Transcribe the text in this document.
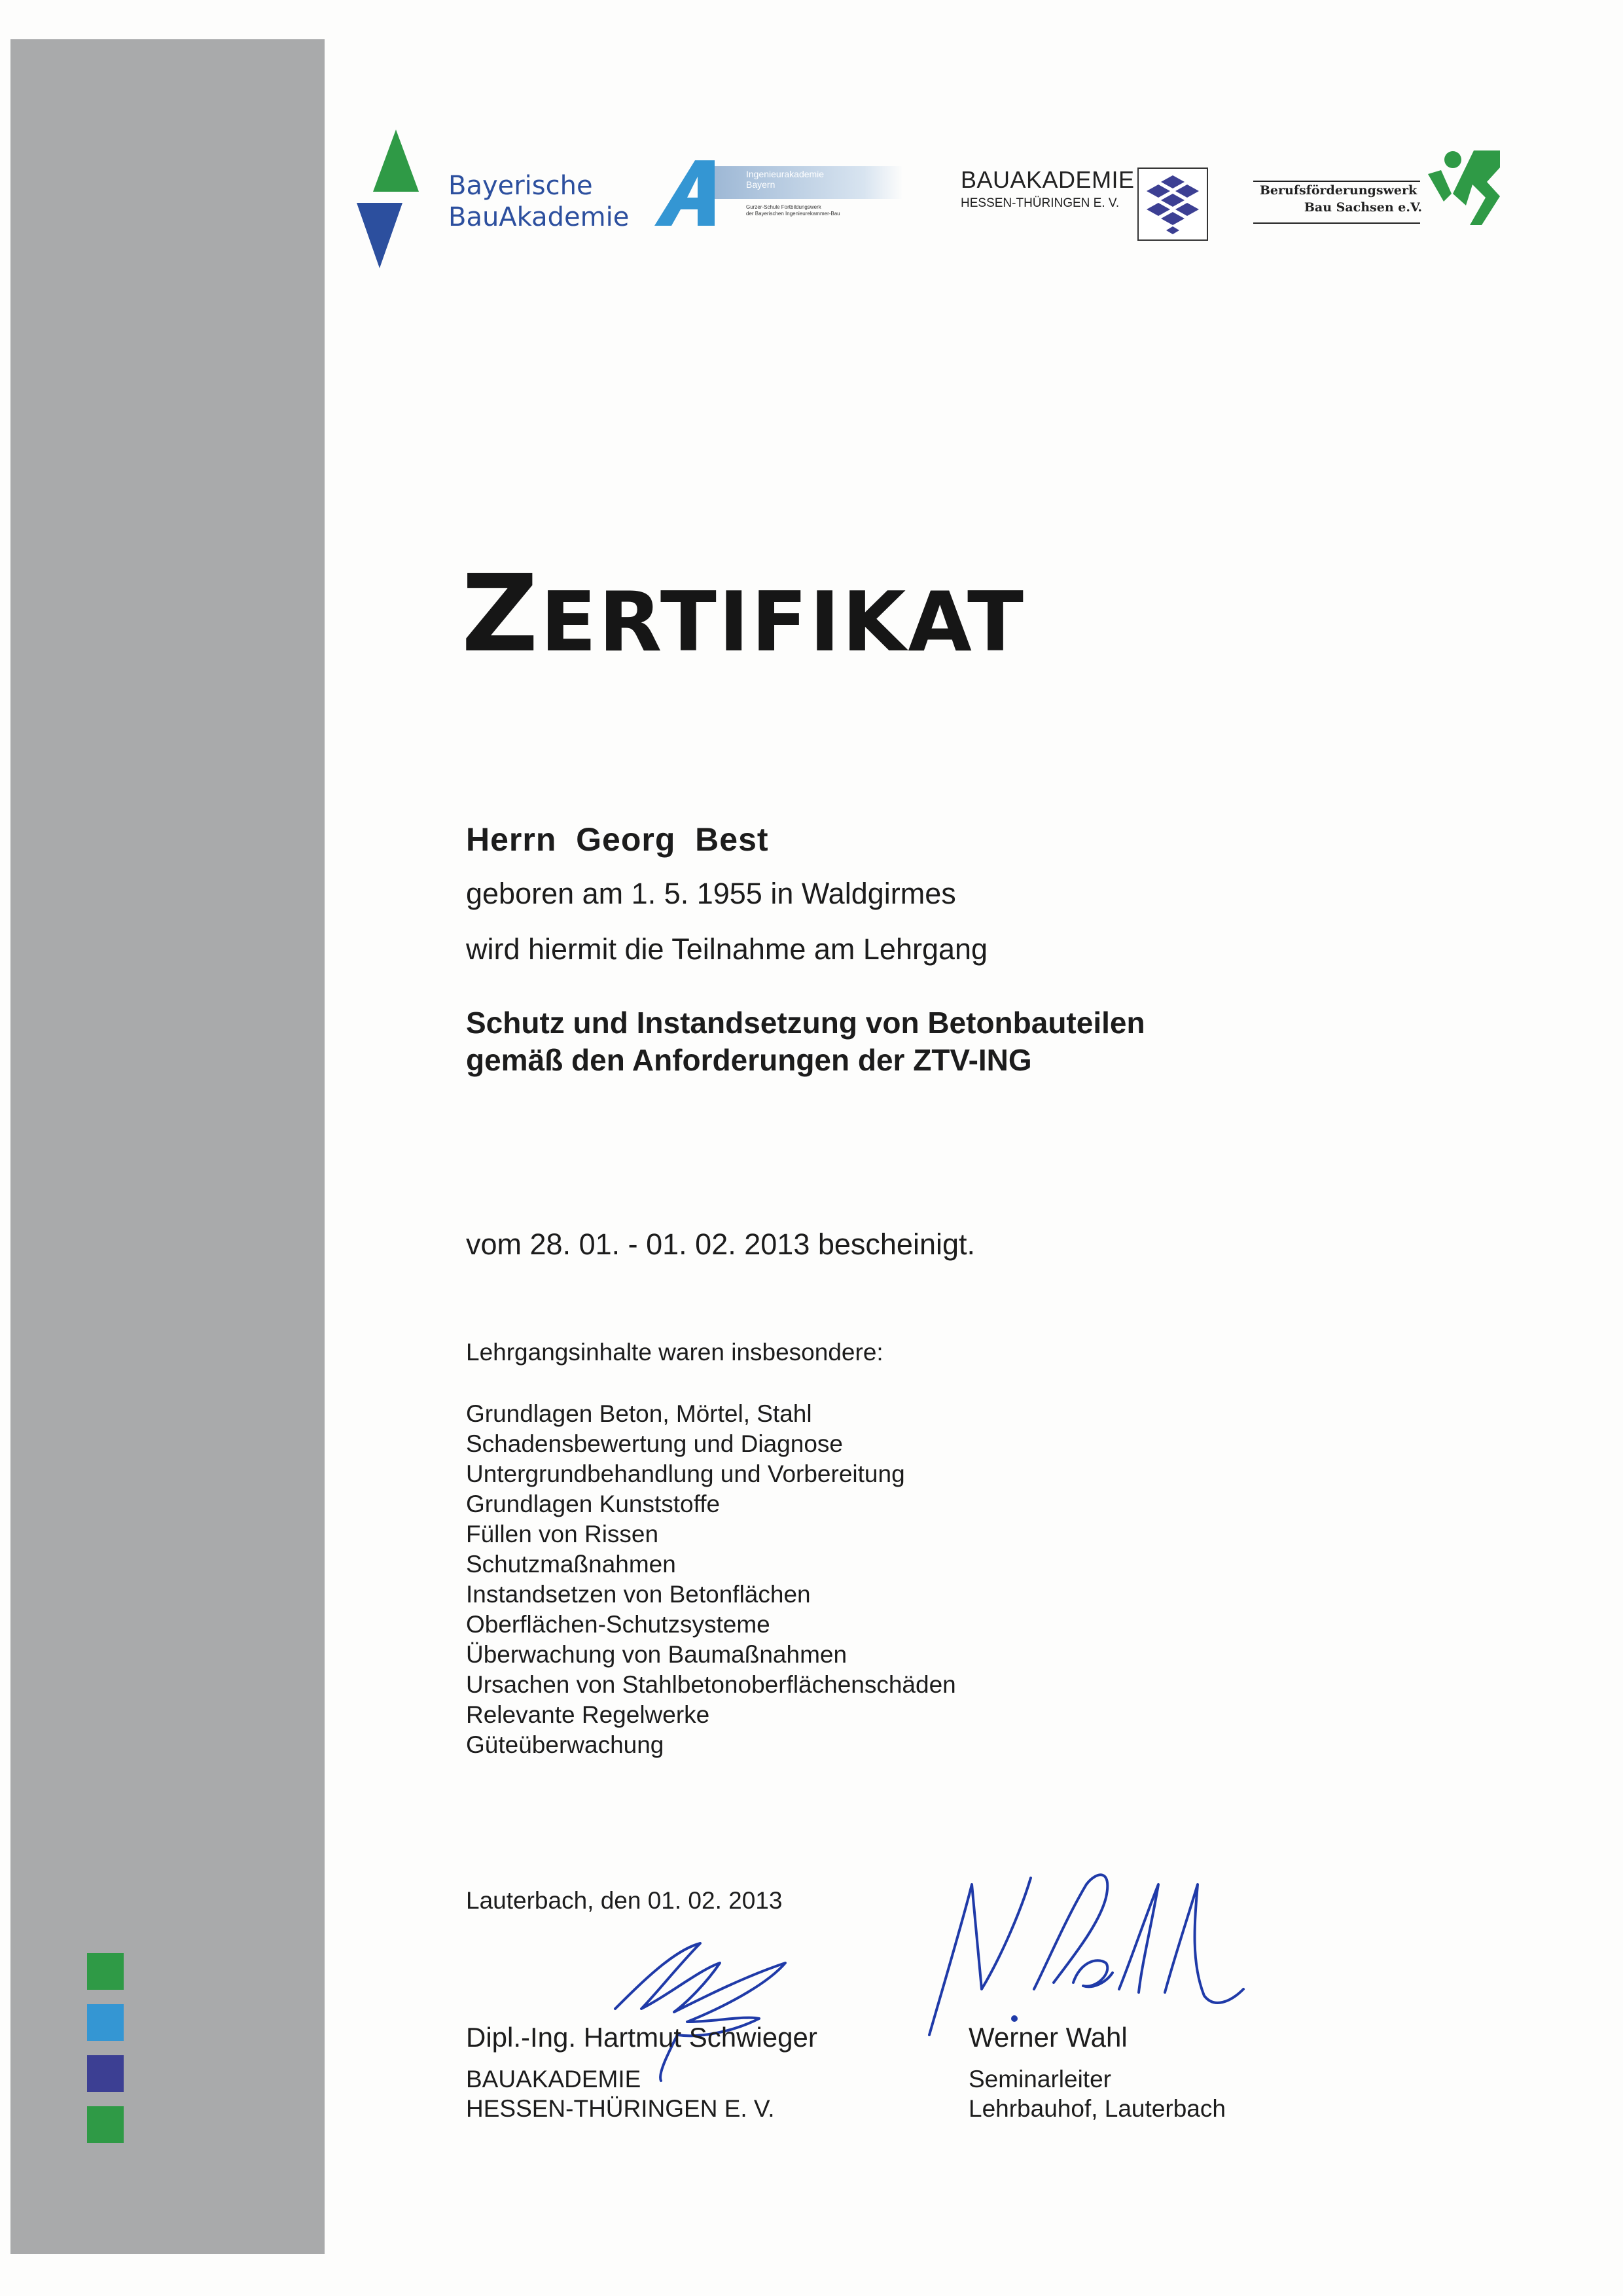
Bayerische
BauAkademie
Ingenieurakademie
Bayern
Gurzer-Schule Fortbildungswerk
der Bayerischen Ingenieurekammer-Bau
BAUAKADEMIE
HESSEN-THÜRINGEN E. V.
Berufsförderungswerk
Bau Sachsen e.V.
ZERTIFIKAT
Herrn  Georg  Best
geboren am 1. 5. 1955 in Waldgirmes
wird hiermit die Teilnahme am Lehrgang
Schutz und Instandsetzung von Betonbauteilen
gemäß den Anforderungen der ZTV-ING
vom 28. 01. - 01. 02. 2013 bescheinigt.
Lehrgangsinhalte waren insbesondere:
Grundlagen Beton, Mörtel, Stahl
Schadensbewertung und Diagnose
Untergrundbehandlung und Vorbereitung
Grundlagen Kunststoffe
Füllen von Rissen
Schutzmaßnahmen
Instandsetzen von Betonflächen
Oberflächen-Schutzsysteme
Überwachung von Baumaßnahmen
Ursachen von Stahlbetonoberflächenschäden
Relevante Regelwerke
Güteüberwachung
Lauterbach, den 01. 02. 2013
Dipl.-Ing. Hartmut Schwieger
BAUAKADEMIE
HESSEN-THÜRINGEN E. V.
Werner Wahl
Seminarleiter
Lehrbauhof, Lauterbach
